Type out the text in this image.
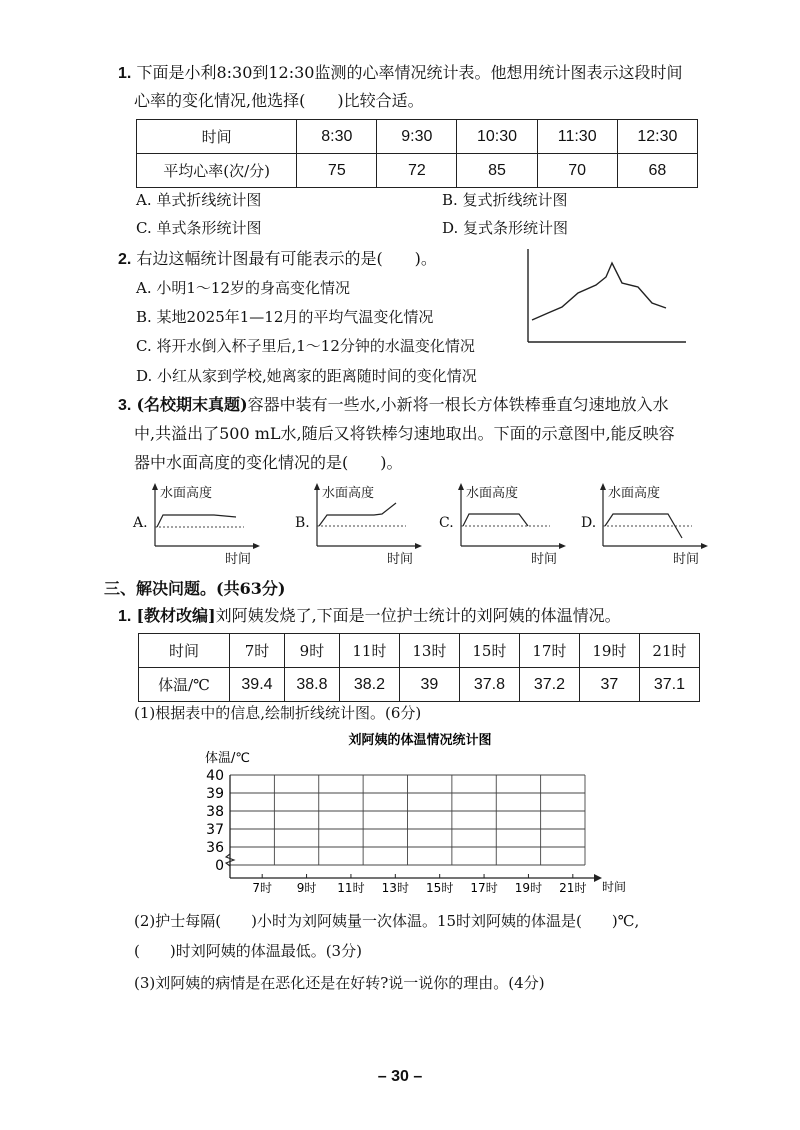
1. 下面是小利8:30到12:30监测的心率情况统计表。他想用统计图表示这段时间
心率的变化情况,他选择(　　)比较合适。
时间	8:30	9:30	10:30	11:30	12:30
平均心率(次/分)	75	72	85	70	68
A. 单式折线统计图	B. 复式折线统计图
C. 单式条形统计图	D. 复式条形统计图
2. 右边这幅统计图最有可能表示的是(　　)。
A. 小明1～12岁的身高变化情况
B. 某地2025年1—12月的平均气温变化情况
C. 将开水倒入杯子里后,1～12分钟的水温变化情况
D. 小红从家到学校,她离家的距离随时间的变化情况
3. (名校期末真题)容器中装有一些水,小新将一根长方体铁棒垂直匀速地放入水
中,共溢出了500 mL水,随后又将铁棒匀速地取出。下面的示意图中,能反映容
器中水面高度的变化情况的是(　　)。
A.
水面高度
时间
B.
水面高度
时间
C.
水面高度
时间
D.
水面高度
时间
三、解决问题。(共63分)
1. [教材改编]刘阿姨发烧了,下面是一位护士统计的刘阿姨的体温情况。
时间	7时	9时	11时	13时	15时	17时	19时	21时
体温/℃	39.4	38.8	38.2	39	37.8	37.2	37	37.1
(1)根据表中的信息,绘制折线统计图。(6分)
刘阿姨的体温情况统计图
体温/℃
时间
40
39
38
37
36
0
7时 9时 11时 13时 15时 17时 19时 21时
(2)护士每隔(　　)小时为刘阿姨量一次体温。15时刘阿姨的体温是(　　)℃,
(　　)时刘阿姨的体温最低。(3分)
(3)刘阿姨的病情是在恶化还是在好转?说一说你的理由。(4分)
– 30 –
